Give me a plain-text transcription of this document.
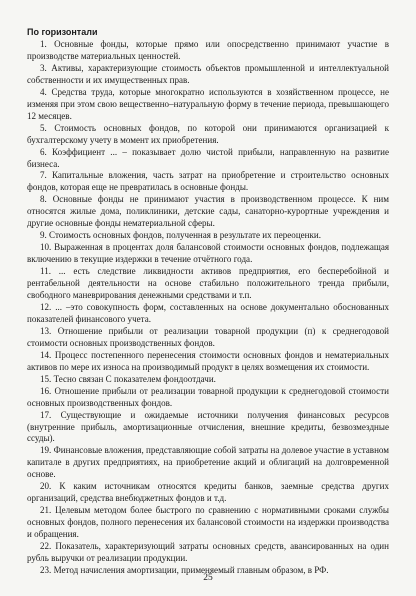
По горизонтали

1. Основные фонды, которые прямо или опосредственно принимают участие в производстве материальных ценностей.

3. Активы, характеризующие стоимость объектов промышленной и интеллектуальной собственности и их имущественных прав.

4. Средства труда, которые многократно используются в хозяйственном процессе, не изменяя при этом свою вещественно–натуральную форму в течение периода, превышающего 12 месяцев.

5. Стоимость основных фондов, по которой они принимаются организацией к бухгалтерскому учету в момент их приобретения.

6. Коэффициент ... – показывает долю чистой прибыли, направленную на развитие бизнеса.

7. Капитальные вложения, часть затрат на приобретение и строительство основных фондов, которая еще не превратилась в основные фонды.

8. Основные фонды не принимают участия в производственном процессе. К ним относятся жилые дома, поликлиники, детские сады, санаторно-курортные учреждения и другие основные фонды нематериальной сферы.

9. Стоимость основных фондов, полученная в результате их переоценки.

10. Выраженная в процентах доля балансовой стоимости основных фондов, подлежащая включению в текущие издержки в течение отчётного года.

11. ... есть следствие ликвидности активов предприятия, его бесперебойной и рентабельной деятельности на основе стабильно положительного тренда прибыли, свободного маневрирования денежными средствами и т.п.

12. ... –это совокупность форм, составленных на основе документально обоснованных показателей финансового учета.

13. Отношение прибыли от реализации товарной продукции (п) к среднегодовой стоимости основных производственных фондов.

14. Процесс постепенного перенесения стоимости основных фондов и нематериальных активов по мере их износа на производимый продукт в целях возмещения их стоимости.

15. Тесно связан С показателем фондоотдачи.

16. Отношение прибыли от реализации товарной продукции к среднегодовой стоимости основных производственных фондов.

17. Существующие и ожидаемые источники получения финансовых ресурсов (внутренние прибыль, амортизационные отчисления, внешние кредиты, безвозмездные ссуды).

19. Финансовые вложения, представляющие собой затраты на долевое участие в уставном капитале в других предприятиях, на приобретение акций и облигаций на долговременной основе.

20. К каким источникам относятся кредиты банков, заемные средства других организаций, средства внебюджетных фондов и т.д.

21. Целевым методом более быстрого по сравнению с нормативными сроками службы основных фондов, полного перенесения их балансовой стоимости на издержки производства и обращения.

22. Показатель, характеризующий затраты основных средств, авансированных на один рубль выручки от реализации продукции.

23. Метод начисления амортизации, применяемый главным образом, в РФ.

25
